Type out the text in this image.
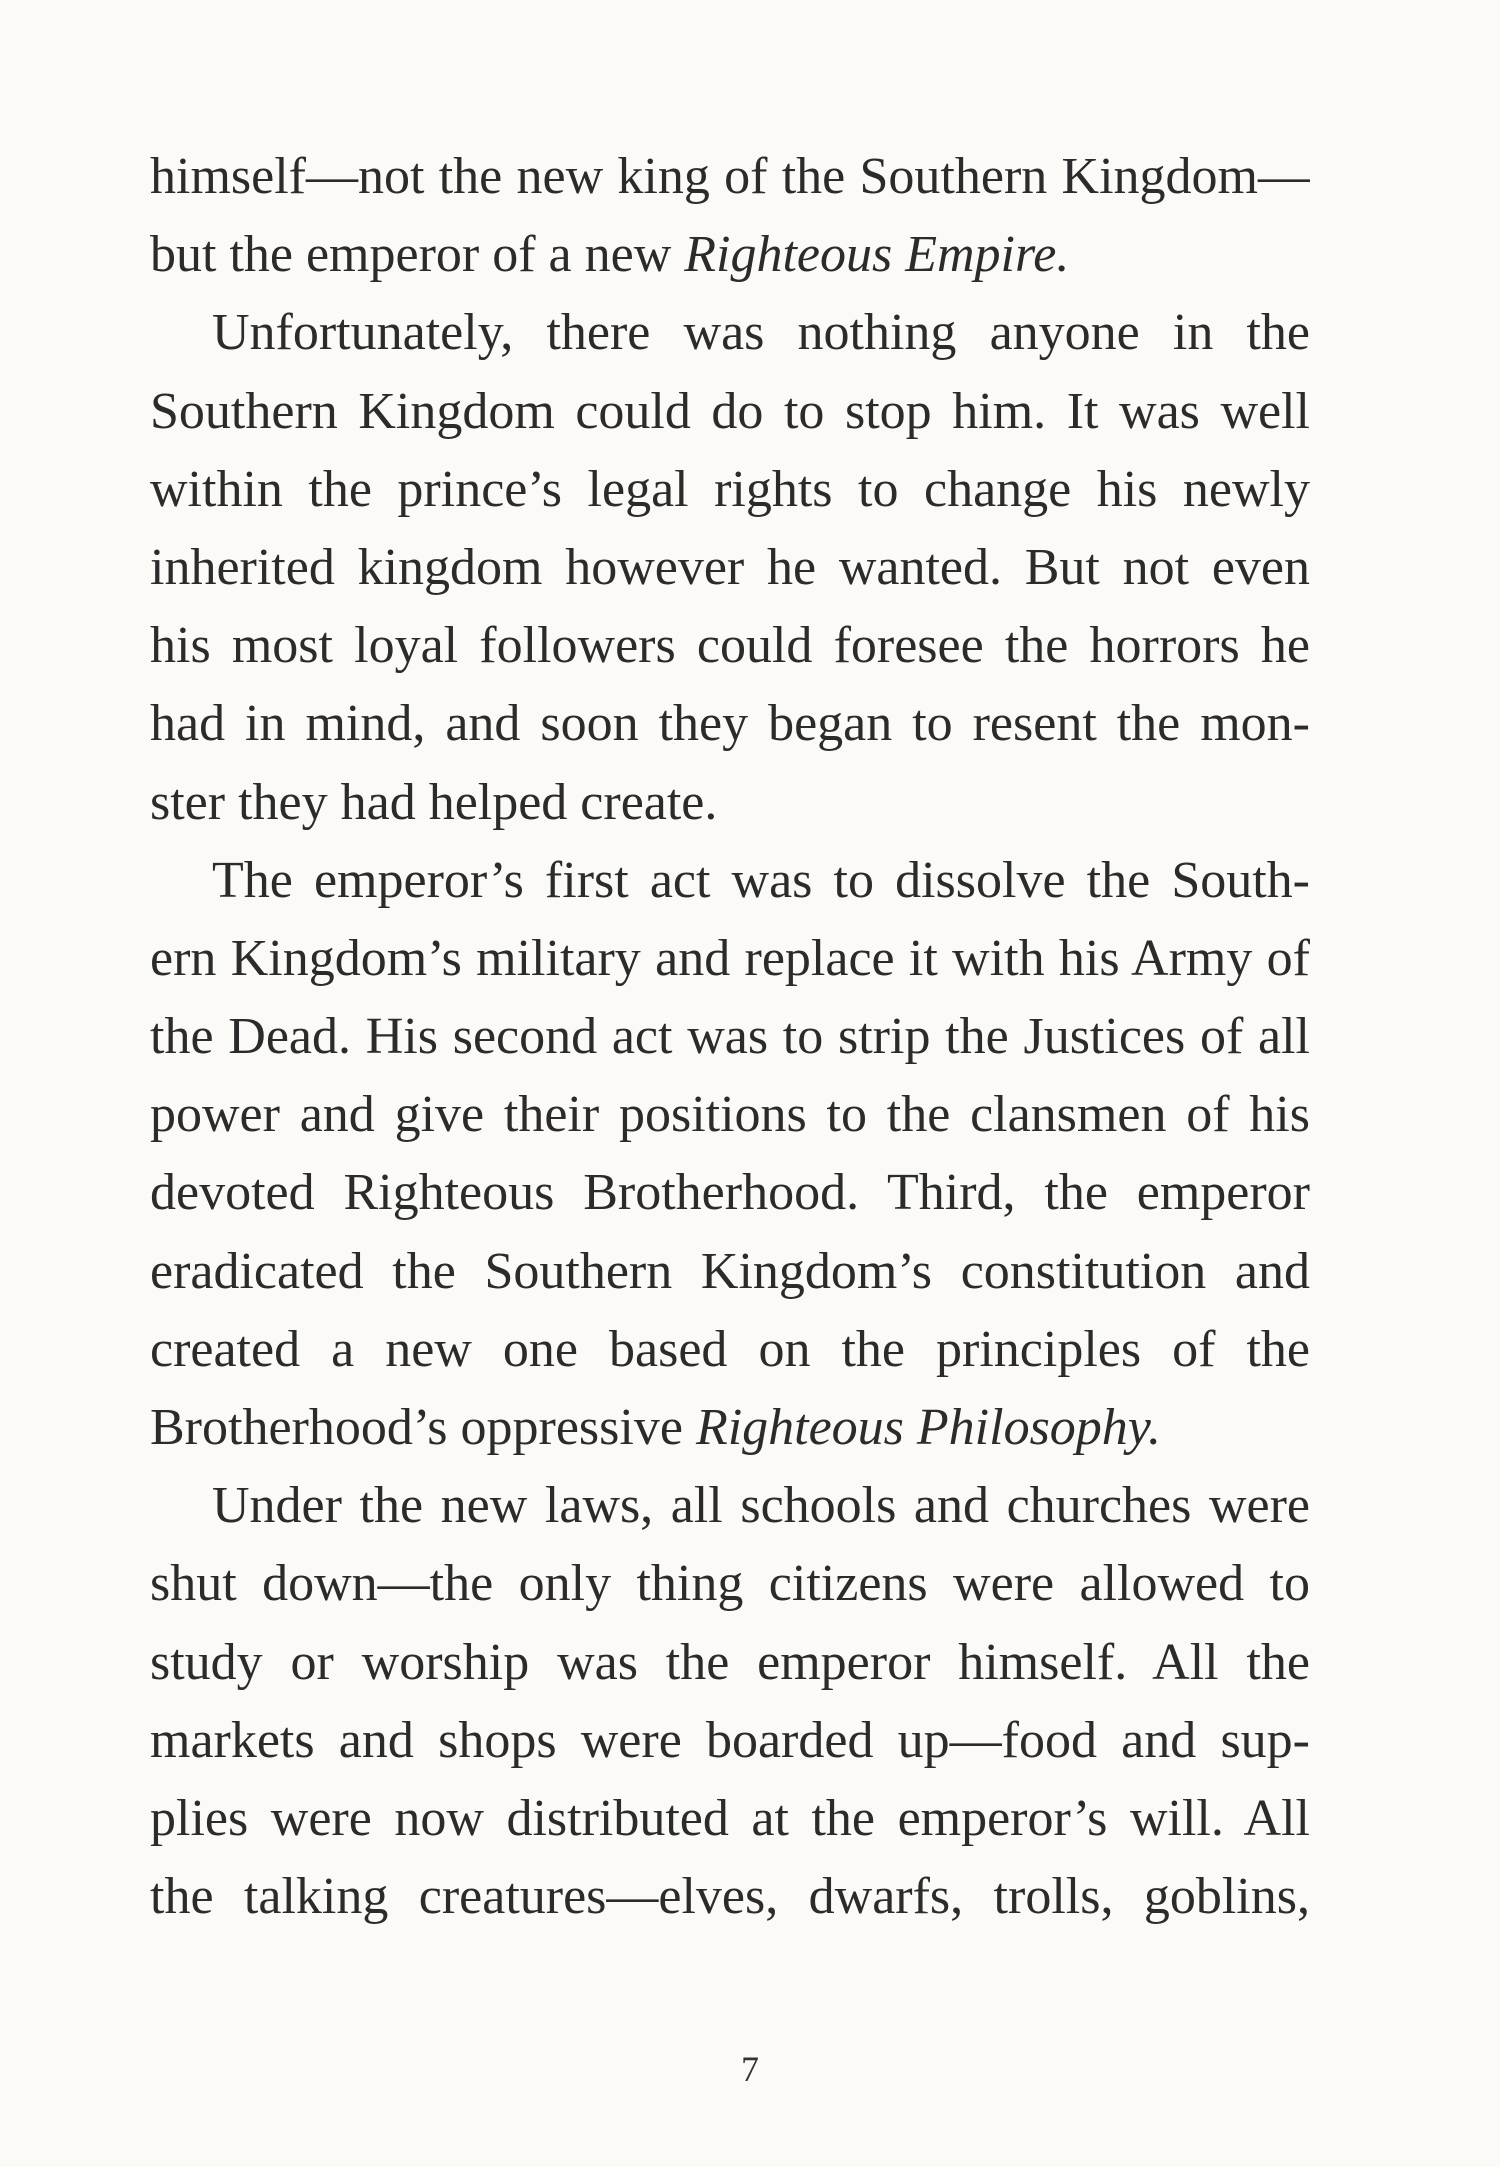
himself—not the new king of the Southern Kingdom—
but the emperor of a new Righteous Empire.
Unfortunately, there was nothing anyone in the
Southern Kingdom could do to stop him. It was well
within the prince’s legal rights to change his newly
inherited kingdom however he wanted. But not even
his most loyal followers could foresee the horrors he
had in mind, and soon they began to resent the mon-
ster they had helped create.
The emperor’s first act was to dissolve the South-
ern Kingdom’s military and replace it with his Army of
the Dead. His second act was to strip the Justices of all
power and give their positions to the clansmen of his
devoted Righteous Brotherhood. Third, the emperor
eradicated the Southern Kingdom’s constitution and
created a new one based on the principles of the
Brotherhood’s oppressive Righteous Philosophy.
Under the new laws, all schools and churches were
shut down—the only thing citizens were allowed to
study or worship was the emperor himself. All the
markets and shops were boarded up—food and sup-
plies were now distributed at the emperor’s will. All
the talking creatures—elves, dwarfs, trolls, goblins,
7
